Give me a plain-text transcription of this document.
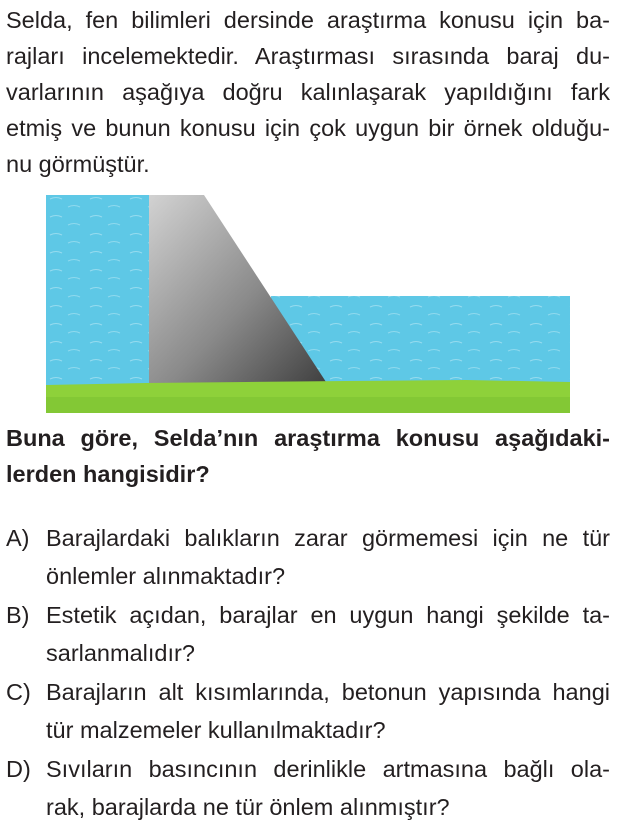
Selda, fen bilimleri dersinde araştırma konusu için ba-
rajları incelemektedir. Araştırması sırasında baraj du-
varlarının aşağıya doğru kalınlaşarak yapıldığını fark
etmiş ve bunun konusu için çok uygun bir örnek olduğu-
nu görmüştür.
Buna göre, Selda’nın araştırma konusu aşağıdaki-
lerden hangisidir?
A) Barajlardaki balıkların zarar görmemesi için ne tür
önlemler alınmaktadır?
B) Estetik açıdan, barajlar en uygun hangi şekilde ta-
sarlanmalıdır?
C) Barajların alt kısımlarında, betonun yapısında hangi
tür malzemeler kullanılmaktadır?
D) Sıvıların basıncının derinlikle artmasına bağlı ola-
rak, barajlarda ne tür önlem alınmıştır?
